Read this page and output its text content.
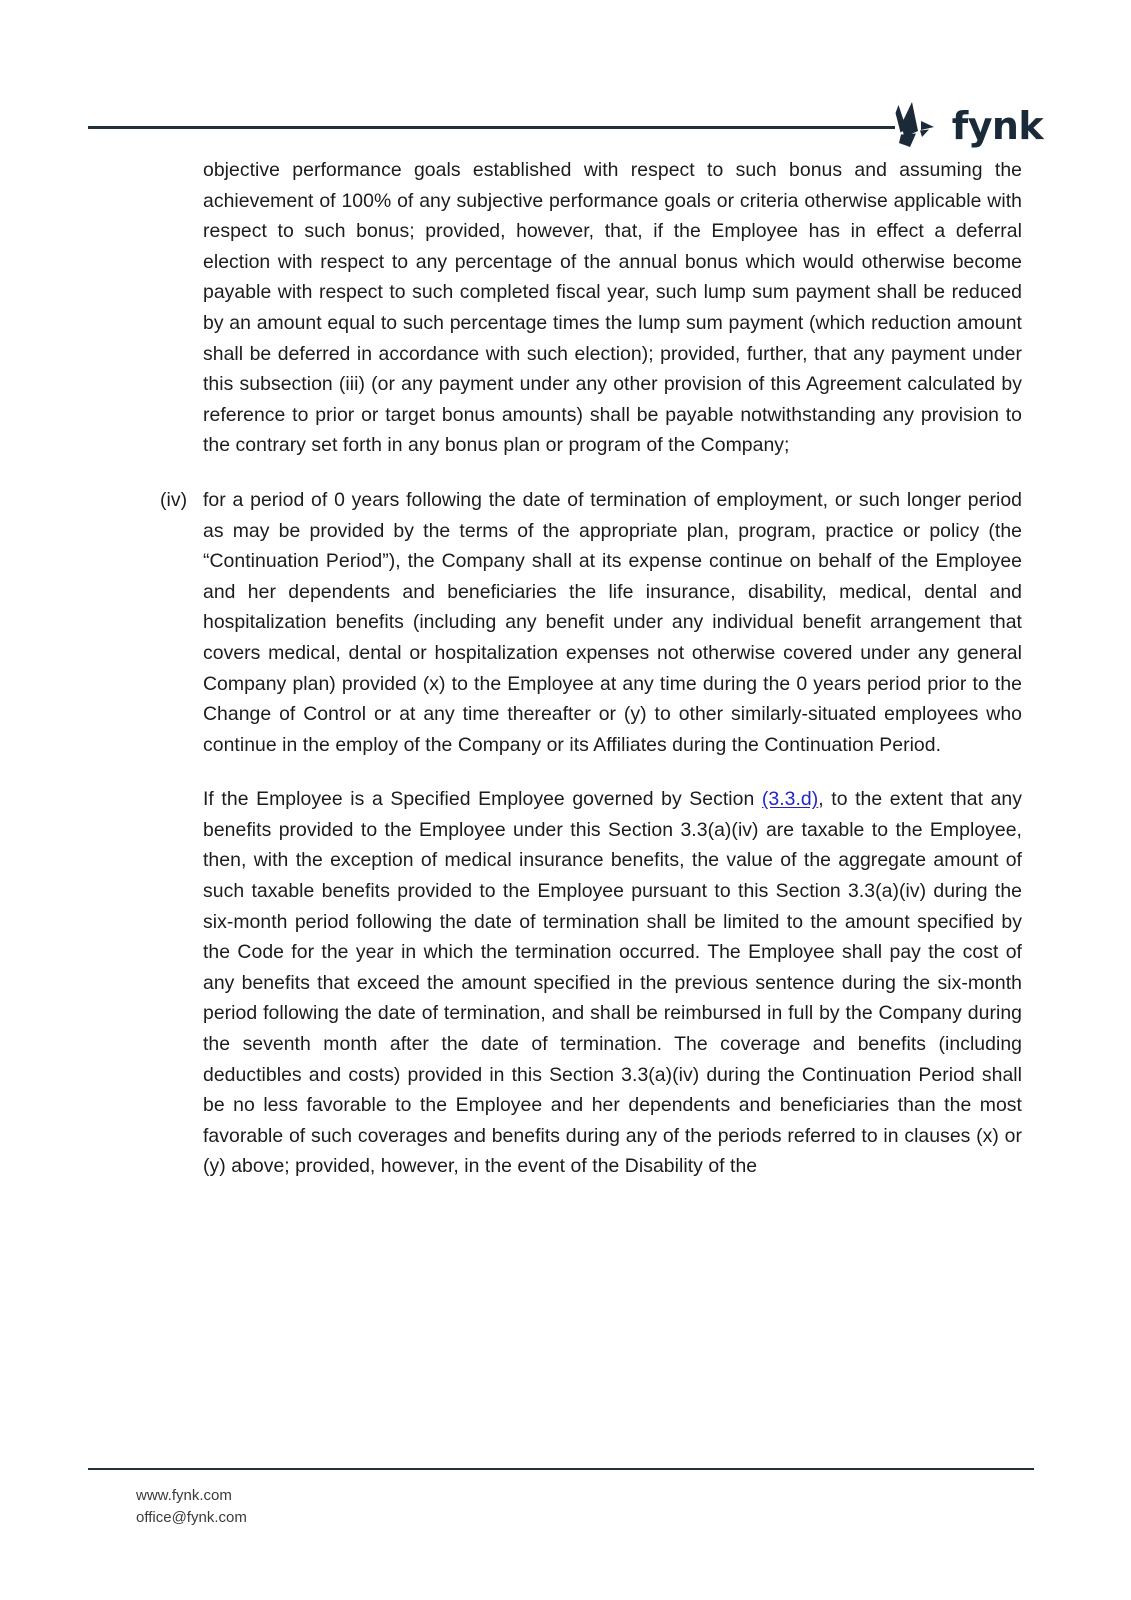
fynk

objective performance goals established with respect to such bonus and assuming the achievement of 100% of any subjective performance goals or criteria otherwise applicable with respect to such bonus; provided, however, that, if the Employee has in effect a deferral election with respect to any percentage of the annual bonus which would otherwise become payable with respect to such completed fiscal year, such lump sum payment shall be reduced by an amount equal to such percentage times the lump sum payment (which reduction amount shall be deferred in accordance with such election); provided, further, that any payment under this subsection (iii) (or any payment under any other provision of this Agreement calculated by reference to prior or target bonus amounts) shall be payable notwithstanding any provision to the contrary set forth in any bonus plan or program of the Company;

(iv) for a period of 0 years following the date of termination of employment, or such longer period as may be provided by the terms of the appropriate plan, program, practice or policy (the “Continuation Period”), the Company shall at its expense continue on behalf of the Employee and her dependents and beneficiaries the life insurance, disability, medical, dental and hospitalization benefits (including any benefit under any individual benefit arrangement that covers medical, dental or hospitalization expenses not otherwise covered under any general Company plan) provided (x) to the Employee at any time during the 0 years period prior to the Change of Control or at any time thereafter or (y) to other similarly-situated employees who continue in the employ of the Company or its Affiliates during the Continuation Period.

If the Employee is a Specified Employee governed by Section (3.3.d), to the extent that any benefits provided to the Employee under this Section 3.3(a)(iv) are taxable to the Employee, then, with the exception of medical insurance benefits, the value of the aggregate amount of such taxable benefits provided to the Employee pursuant to this Section 3.3(a)(iv) during the six-month period following the date of termination shall be limited to the amount specified by the Code for the year in which the termination occurred. The Employee shall pay the cost of any benefits that exceed the amount specified in the previous sentence during the six-month period following the date of termination, and shall be reimbursed in full by the Company during the seventh month after the date of termination. The coverage and benefits (including deductibles and costs) provided in this Section 3.3(a)(iv) during the Continuation Period shall be no less favorable to the Employee and her dependents and beneficiaries than the most favorable of such coverages and benefits during any of the periods referred to in clauses (x) or (y) above; provided, however, in the event of the Disability of the

www.fynk.com
office@fynk.com
